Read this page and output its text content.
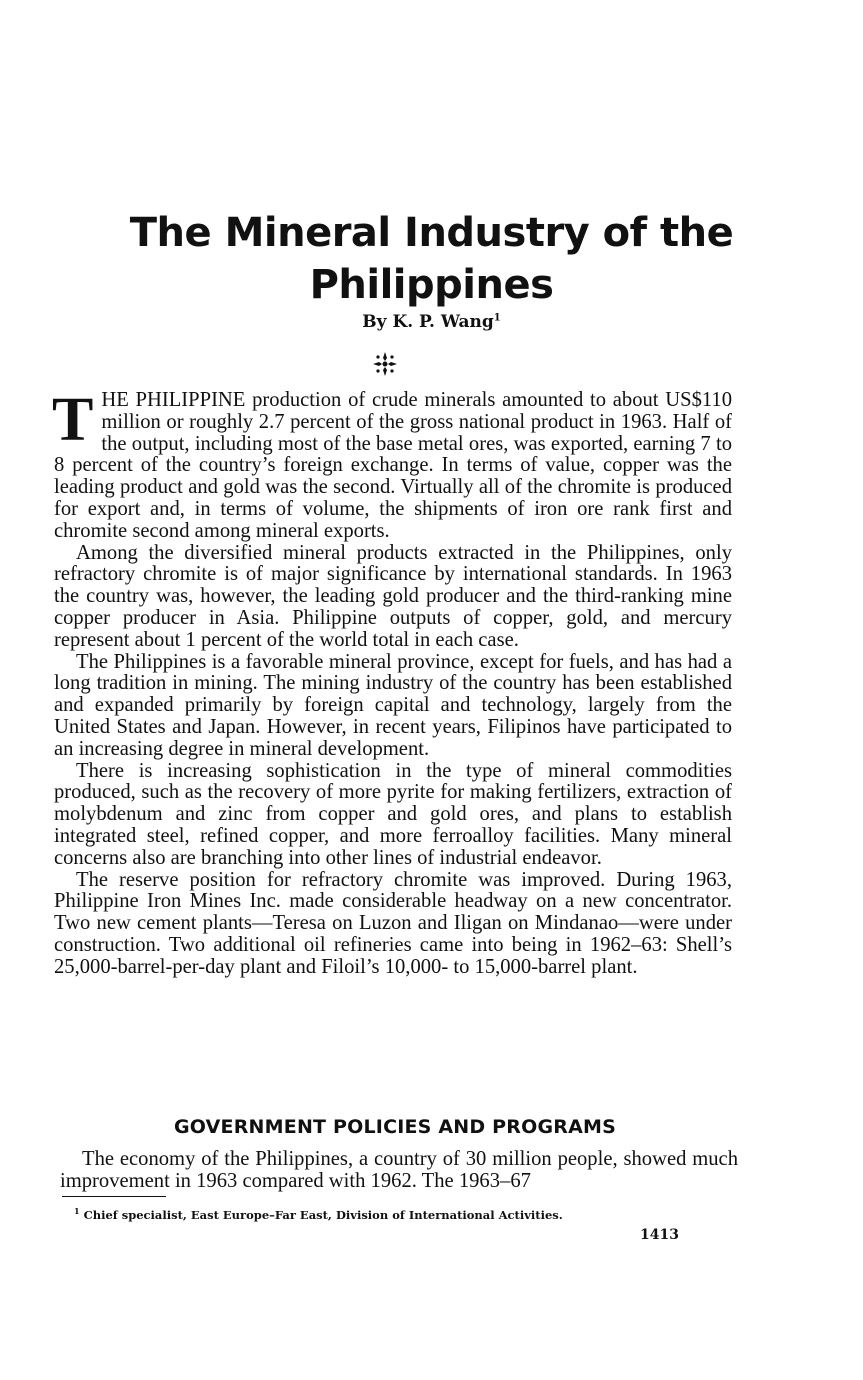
The Mineral Industry of the
Philippines
By K. P. Wang$^1$

THE PHILIPPINE production of crude minerals amounted to about US$110 million or roughly 2.7 percent of the gross national product in 1963. Half of the output, including most of the base metal ores, was exported, earning 7 to 8 percent of the country’s foreign exchange. In terms of value, copper was the leading product and gold was the second. Virtually all of the chromite is produced for export and, in terms of volume, the shipments of iron ore rank first and chromite second among mineral exports.

Among the diversified mineral products extracted in the Philippines, only refractory chromite is of major significance by international standards. In 1963 the country was, however, the leading gold producer and the third-ranking mine copper producer in Asia. Philippine outputs of copper, gold, and mercury represent about 1 percent of the world total in each case.

The Philippines is a favorable mineral province, except for fuels, and has had a long tradition in mining. The mining industry of the country has been established and expanded primarily by foreign capital and technology, largely from the United States and Japan. However, in recent years, Filipinos have participated to an increasing degree in mineral development.

There is increasing sophistication in the type of mineral commodities produced, such as the recovery of more pyrite for making fertilizers, extraction of molybdenum and zinc from copper and gold ores, and plans to establish integrated steel, refined copper, and more ferroalloy facilities. Many mineral concerns also are branching into other lines of industrial endeavor.

The reserve position for refractory chromite was improved. During 1963, Philippine Iron Mines Inc. made considerable headway on a new concentrator. Two new cement plants—Teresa on Luzon and Iligan on Mindanao—were under construction. Two additional oil refineries came into being in 1962–63: Shell’s 25,000-barrel-per-day plant and Filoil’s 10,000- to 15,000-barrel plant.

GOVERNMENT POLICIES AND PROGRAMS

The economy of the Philippines, a country of 30 million people, showed much improvement in 1963 compared with 1962. The 1963–67

$^1$ Chief specialist, East Europe–Far East, Division of International Activities.
1413
